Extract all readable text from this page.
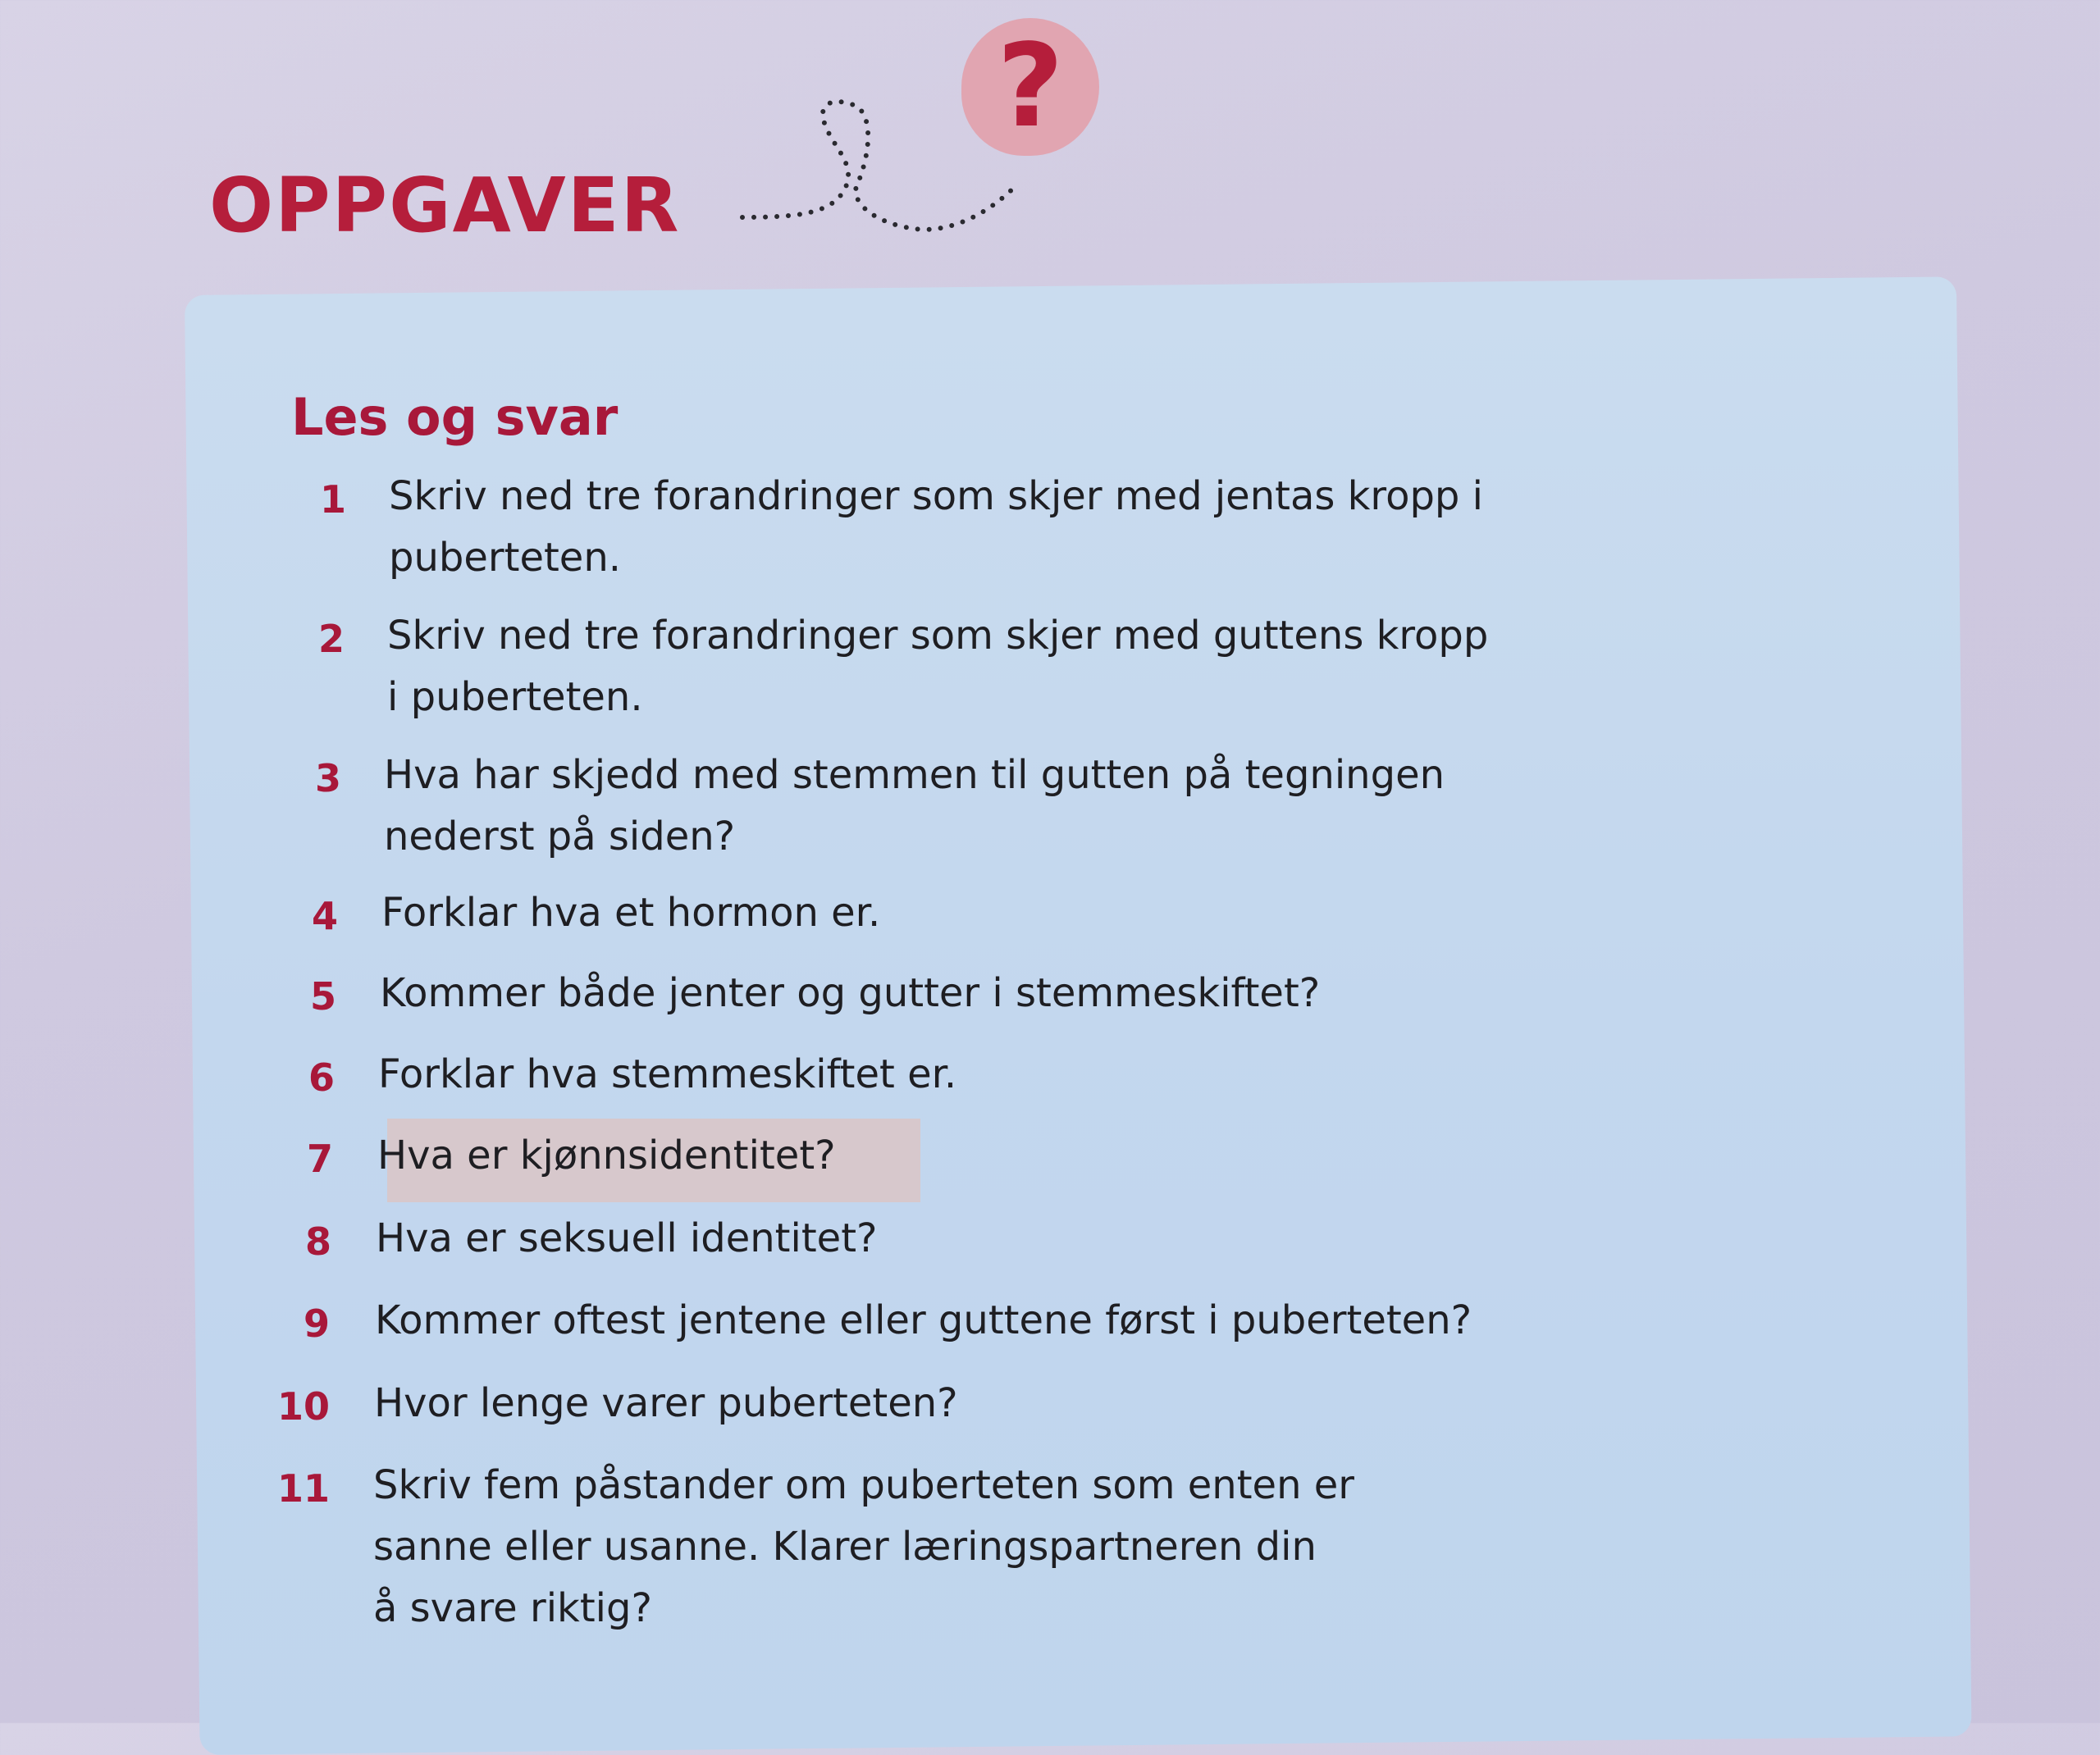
OPPGAVER
?
Les og svar
1 Skriv ned tre forandringer som skjer med jentas kropp i
puberteten.
2 Skriv ned tre forandringer som skjer med guttens kropp
i puberteten.
3 Hva har skjedd med stemmen til gutten på tegningen
nederst på siden?
4 Forklar hva et hormon er.
5 Kommer både jenter og gutter i stemmeskiftet?
6 Forklar hva stemmeskiftet er.
7 Hva er kjønnsidentitet?
8 Hva er seksuell identitet?
9 Kommer oftest jentene eller guttene først i puberteten?
10 Hvor lenge varer puberteten?
11 Skriv fem påstander om puberteten som enten er
sanne eller usanne. Klarer læringspartneren din
å svare riktig?
